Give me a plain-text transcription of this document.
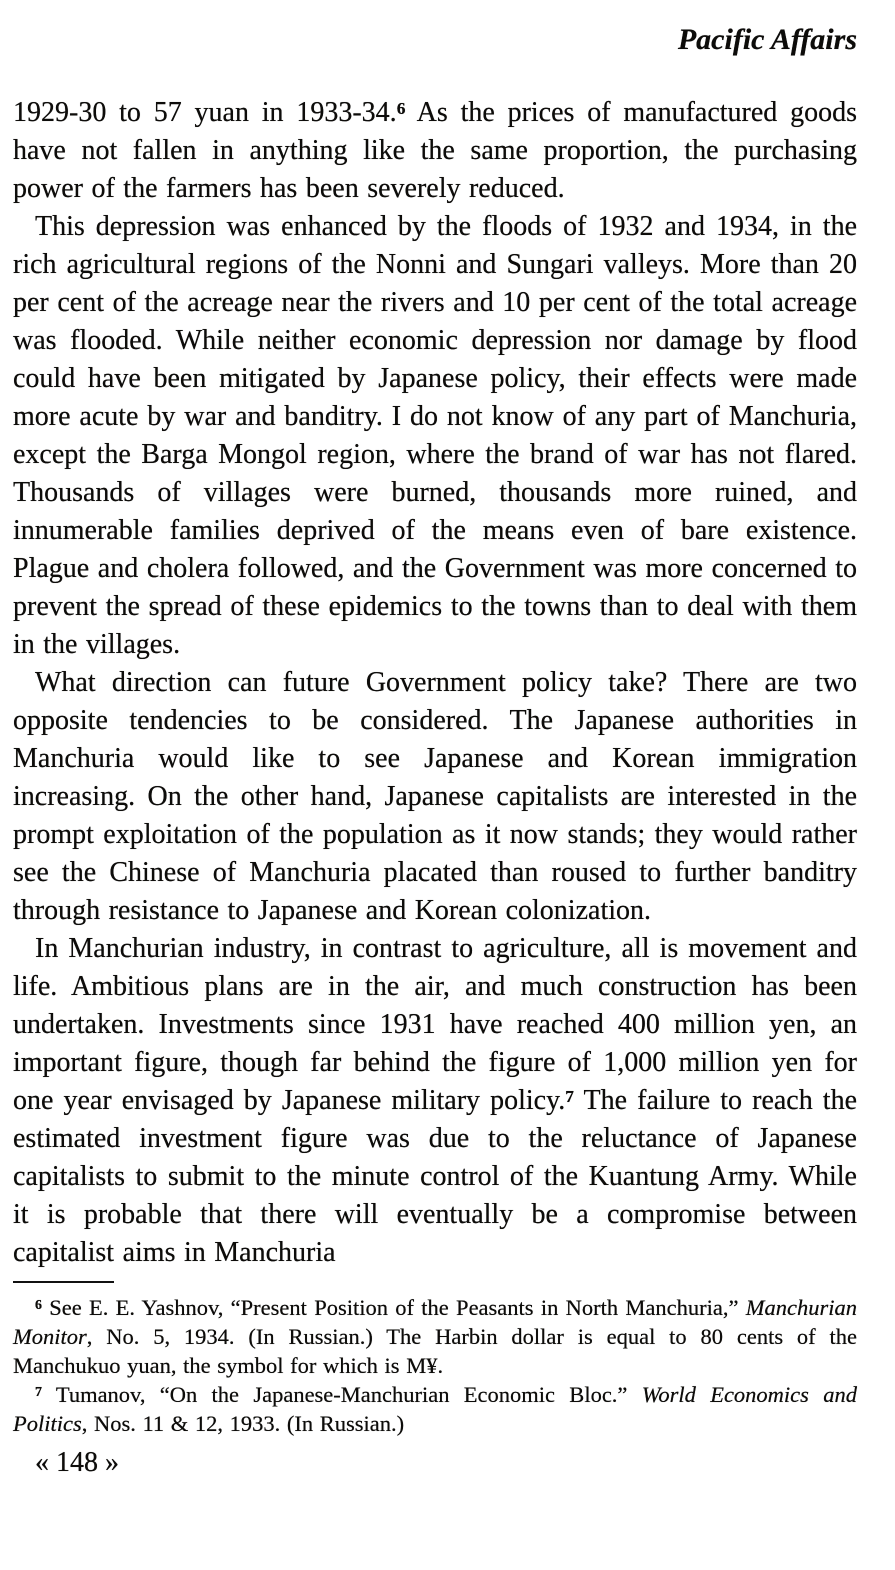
Pacific Affairs

1929-30 to 57 yuan in 1933-34.$^6$ As the prices of manufactured goods have not fallen in anything like the same proportion, the purchasing power of the farmers has been severely reduced.

This depression was enhanced by the floods of 1932 and 1934, in the rich agricultural regions of the Nonni and Sungari valleys. More than 20 per cent of the acreage near the rivers and 10 per cent of the total acreage was flooded. While neither economic depression nor damage by flood could have been mitigated by Japanese policy, their effects were made more acute by war and banditry. I do not know of any part of Manchuria, except the Barga Mongol region, where the brand of war has not flared. Thousands of villages were burned, thousands more ruined, and innumerable families deprived of the means even of bare existence. Plague and cholera followed, and the Government was more concerned to prevent the spread of these epidemics to the towns than to deal with them in the villages.

What direction can future Government policy take? There are two opposite tendencies to be considered. The Japanese authorities in Manchuria would like to see Japanese and Korean immigration increasing. On the other hand, Japanese capitalists are interested in the prompt exploitation of the population as it now stands; they would rather see the Chinese of Manchuria placated than roused to further banditry through resistance to Japanese and Korean colonization.

In Manchurian industry, in contrast to agriculture, all is movement and life. Ambitious plans are in the air, and much construction has been undertaken. Investments since 1931 have reached 400 million yen, an important figure, though far behind the figure of 1,000 million yen for one year envisaged by Japanese military policy.$^7$ The failure to reach the estimated investment figure was due to the reluctance of Japanese capitalists to submit to the minute control of the Kuantung Army. While it is probable that there will eventually be a compromise between capitalist aims in Manchuria

$^6$ See E. E. Yashnov, “Present Position of the Peasants in North Manchuria,” Manchurian Monitor, No. 5, 1934. (In Russian.) The Harbin dollar is equal to 80 cents of the Manchukuo yuan, the symbol for which is M¥.

$^7$ Tumanov, “On the Japanese-Manchurian Economic Bloc.” World Economics and Politics, Nos. 11 & 12, 1933. (In Russian.)

« 148 »
